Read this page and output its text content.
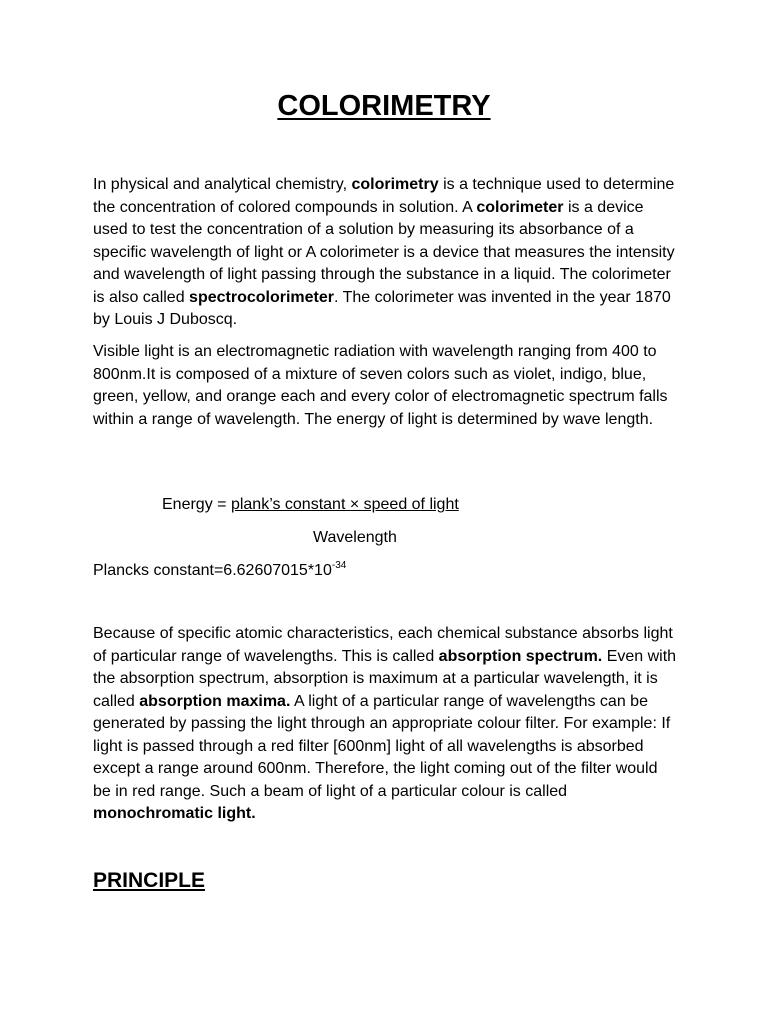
COLORIMETRY

In physical and analytical chemistry, colorimetry is a technique used to determine the concentration of colored compounds in solution. A colorimeter is a device used to test the concentration of a solution by measuring its absorbance of a specific wavelength of light or A colorimeter is a device that measures the intensity and wavelength of light passing through the substance in a liquid. The colorimeter is also called spectrocolorimeter. The colorimeter was invented in the year 1870 by Louis J Duboscq.

Visible light is an electromagnetic radiation with wavelength ranging from 400 to 800nm.It is composed of a mixture of seven colors such as violet, indigo, blue, green, yellow, and orange each and every color of electromagnetic spectrum falls within a range of wavelength. The energy of light is determined by wave length.

Energy = plank’s constant × speed of light

Wavelength

Plancks $constant=6.62607015*10^{-34}$

Because of specific atomic characteristics, each chemical substance absorbs light of particular range of wavelengths. This is called absorption spectrum. Even with the absorption spectrum, absorption is maximum at a particular wavelength, it is called absorption maxima. A light of a particular range of wavelengths can be generated by passing the light through an appropriate colour filter. For example: If light is passed through a red filter [600nm] light of all wavelengths is absorbed except a range around 600nm. Therefore, the light coming out of the filter would be in red range. Such a beam of light of a particular colour is called monochromatic light.

PRINCIPLE
